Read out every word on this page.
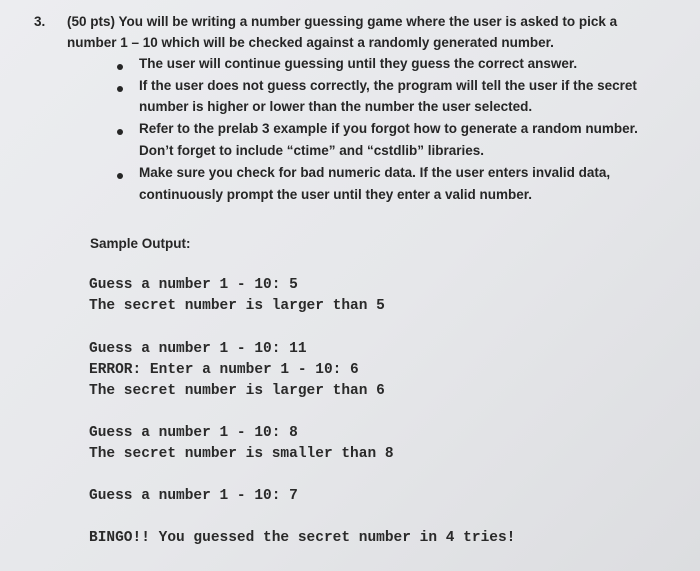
3. (50 pts) You will be writing a number guessing game where the user is asked to pick a
number 1 – 10 which will be checked against a randomly generated number.
The user will continue guessing until they guess the correct answer.
If the user does not guess correctly, the program will tell the user if the secret
number is higher or lower than the number the user selected.
Refer to the prelab 3 example if you forgot how to generate a random number.
Don’t forget to include “ctime” and “cstdlib” libraries.
Make sure you check for bad numeric data. If the user enters invalid data,
continuously prompt the user until they enter a valid number.
Sample Output:
Guess a number 1 - 10: 5
The secret number is larger than 5
Guess a number 1 - 10: 11
ERROR: Enter a number 1 - 10: 6
The secret number is larger than 6
Guess a number 1 - 10: 8
The secret number is smaller than 8
Guess a number 1 - 10: 7
BINGO!! You guessed the secret number in 4 tries!
